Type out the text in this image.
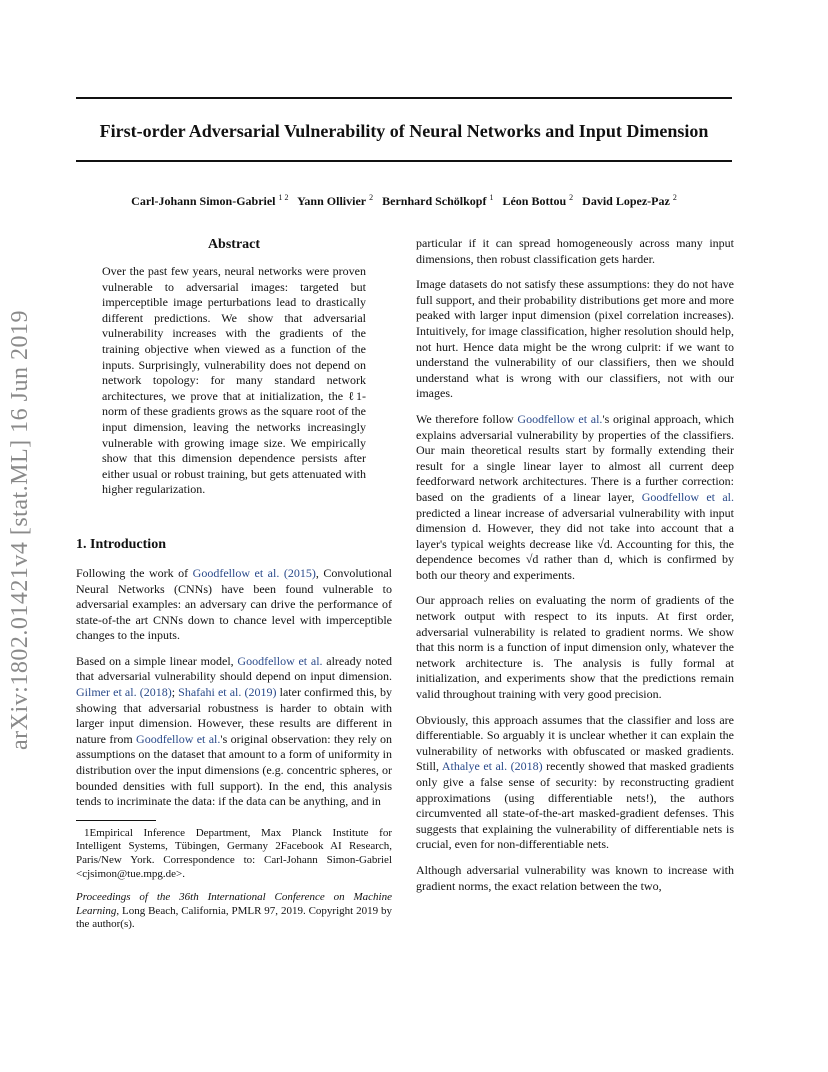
First-order Adversarial Vulnerability of Neural Networks and Input Dimension
Carl-Johann Simon-Gabriel $^{1 2}$ Yann Ollivier $^2$ Bernhard Schölkopf $^1$ Léon Bottou $^2$ David Lopez-Paz $^2$
arXiv:1802.01421v4 [stat.ML] 16 Jun 2019
Abstract
Over the past few years, neural networks were proven vulnerable to adversarial images: targeted but imperceptible image perturbations lead to drastically different predictions. We show that adversarial vulnerability increases with the gradients of the training objective when viewed as a function of the inputs. Surprisingly, vulnerability does not depend on network topology: for many standard network architectures, we prove that at initialization, the ℓ1-norm of these gradients grows as the square root of the input dimension, leaving the networks increasingly vulnerable with growing image size. We empirically show that this dimension dependence persists after either usual or robust training, but gets attenuated with higher regularization.
1. Introduction

Following the work of Goodfellow et al. (2015), Convolutional Neural Networks (CNNs) have been found vulnerable to adversarial examples: an adversary can drive the performance of state-of-the art CNNs down to chance level with imperceptible changes to the inputs.

Based on a simple linear model, Goodfellow et al. already noted that adversarial vulnerability should depend on input dimension. Gilmer et al. (2018); Shafahi et al. (2019) later confirmed this, by showing that adversarial robustness is harder to obtain with larger input dimension. However, these results are different in nature from Goodfellow et al.'s original observation: they rely on assumptions on the dataset that amount to a form of uniformity in distribution over the input dimensions (e.g. concentric spheres, or bounded densities with full support). In the end, this analysis tends to incriminate the data: if the data can be anything, and in

1Empirical Inference Department, Max Planck Institute for Intelligent Systems, Tübingen, Germany 2Facebook AI Research, Paris/New York. Correspondence to: Carl-Johann Simon-Gabriel <cjsimon@tue.mpg.de>.
Proceedings of the 36th International Conference on Machine Learning, Long Beach, California, PMLR 97, 2019. Copyright 2019 by the author(s).

particular if it can spread homogeneously across many input dimensions, then robust classification gets harder.

Image datasets do not satisfy these assumptions: they do not have full support, and their probability distributions get more and more peaked with larger input dimension (pixel correlation increases). Intuitively, for image classification, higher resolution should help, not hurt. Hence data might be the wrong culprit: if we want to understand the vulnerability of our classifiers, then we should understand what is wrong with our classifiers, not with our images.

We therefore follow Goodfellow et al.'s original approach, which explains adversarial vulnerability by properties of the classifiers. Our main theoretical results start by formally extending their result for a single linear layer to almost all current deep feedforward network architectures. There is a further correction: based on the gradients of a linear layer, Goodfellow et al. predicted a linear increase of adversarial vulnerability with input dimension d. However, they did not take into account that a layer's typical weights decrease like √d. Accounting for this, the dependence becomes √d rather than d, which is confirmed by both our theory and experiments.

Our approach relies on evaluating the norm of gradients of the network output with respect to its inputs. At first order, adversarial vulnerability is related to gradient norms. We show that this norm is a function of input dimension only, whatever the network architecture is. The analysis is fully formal at initialization, and experiments show that the predictions remain valid throughout training with very good precision.

Obviously, this approach assumes that the classifier and loss are differentiable. So arguably it is unclear whether it can explain the vulnerability of networks with obfuscated or masked gradients. Still, Athalye et al. (2018) recently showed that masked gradients only give a false sense of security: by reconstructing gradient approximations (using differentiable nets!), the authors circumvented all state-of-the-art masked-gradient defenses. This suggests that explaining the vulnerability of differentiable nets is crucial, even for non-differentiable nets.

Although adversarial vulnerability was known to increase with gradient norms, the exact relation between the two,
